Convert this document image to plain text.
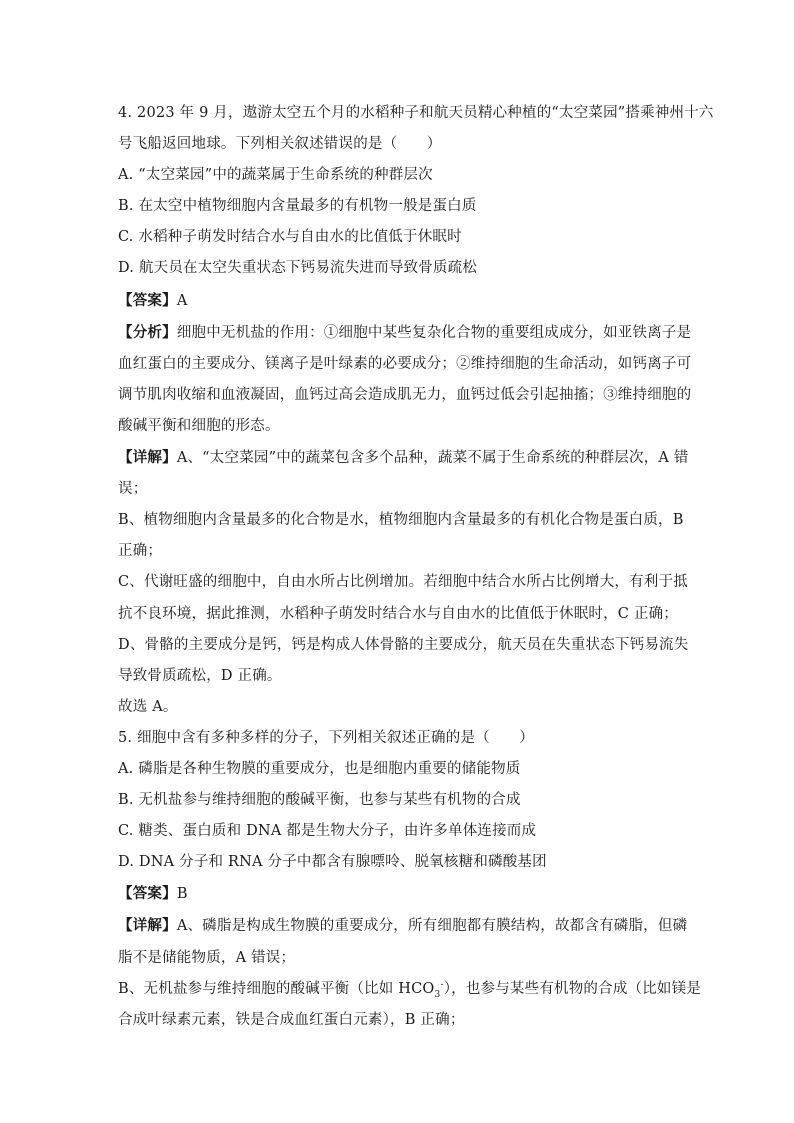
4. 2023 年 9 月，遨游太空五个月的水稻种子和航天员精心种植的“太空菜园”搭乘神州十六
号飞船返回地球。下列相关叙述错误的是（　　）
A. “太空菜园”中的蔬菜属于生命系统的种群层次
B. 在太空中植物细胞内含量最多的有机物一般是蛋白质
C. 水稻种子萌发时结合水与自由水的比值低于休眠时
D. 航天员在太空失重状态下钙易流失进而导致骨质疏松
【答案】A
【分析】细胞中无机盐的作用：①细胞中某些复杂化合物的重要组成成分，如亚铁离子是
血红蛋白的主要成分、镁离子是叶绿素的必要成分；②维持细胞的生命活动，如钙离子可
调节肌肉收缩和血液凝固，血钙过高会造成肌无力，血钙过低会引起抽搐；③维持细胞的
酸碱平衡和细胞的形态。
【详解】A、“太空菜园”中的蔬菜包含多个品种，蔬菜不属于生命系统的种群层次，A 错
误；
B、植物细胞内含量最多的化合物是水，植物细胞内含量最多的有机化合物是蛋白质，B
正确；
C、代谢旺盛的细胞中，自由水所占比例增加。若细胞中结合水所占比例增大，有利于抵
抗不良环境，据此推测，水稻种子萌发时结合水与自由水的比值低于休眠时，C 正确；
D、骨骼的主要成分是钙，钙是构成人体骨骼的主要成分，航天员在失重状态下钙易流失
导致骨质疏松，D 正确。
故选 A。
5. 细胞中含有多种多样的分子，下列相关叙述正确的是（　　）
A. 磷脂是各种生物膜的重要成分，也是细胞内重要的储能物质
B. 无机盐参与维持细胞的酸碱平衡，也参与某些有机物的合成
C. 糖类、蛋白质和 DNA 都是生物大分子，由许多单体连接而成
D. DNA 分子和 RNA 分子中都含有腺嘌呤、脱氧核糖和磷酸基团
【答案】B
【详解】A、磷脂是构成生物膜的重要成分，所有细胞都有膜结构，故都含有磷脂，但磷
脂不是储能物质，A 错误；
B、无机盐参与维持细胞的酸碱平衡（比如 $HCO_3^-$），也参与某些有机物的合成（比如镁是
合成叶绿素元素，铁是合成血红蛋白元素），B 正确；
